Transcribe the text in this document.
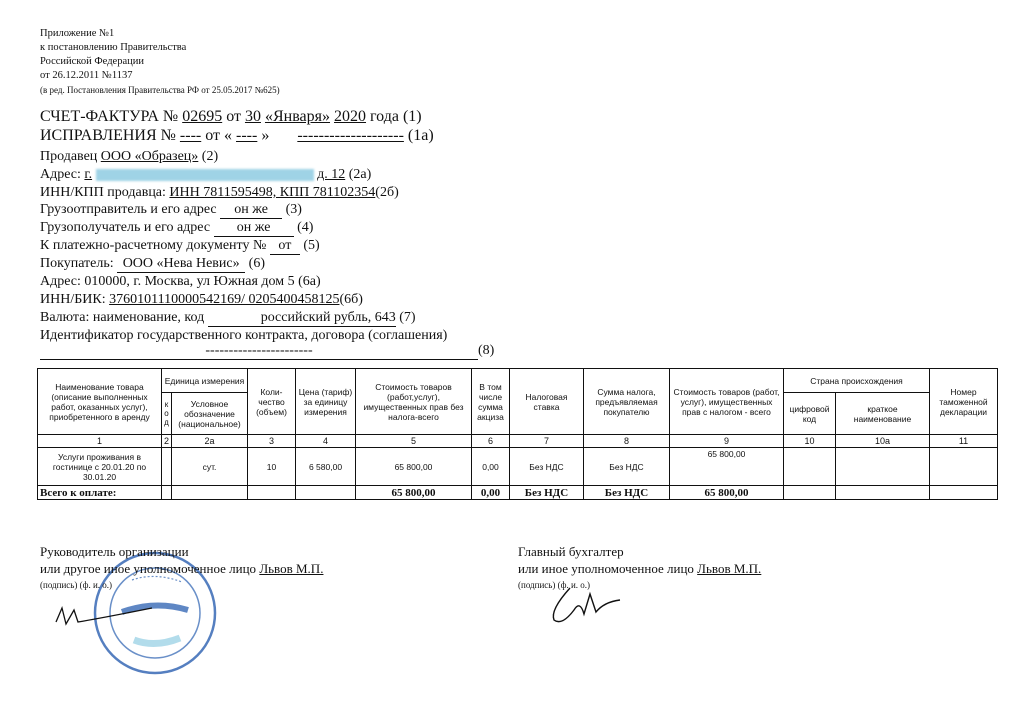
Приложение №1
к постановлению Правительства
Российской Федерации
от 26.12.2011 №1137
(в ред. Постановления Правительства РФ от 25.05.2017 №625)
СЧЕТ-ФАКТУРА № 02695 от 30 «Января» 2020 года (1)
ИСПРАВЛЕНИЯ № ---- от « ---- » -------------------- (1а)
Продавец ООО «Образец» (2)
Адрес: г.	д. 12 (2а)
ИНН/КПП продавца: ИНН 7811595498, КПП 781102354(2б)
Грузоотправитель и его адрес он же (3)
Грузополучатель и его адрес он же (4)
К платежно-расчетному документу № от (5)
Покупатель: ООО «Нева Невис» (6)
Адрес: 010000, г. Москва, ул Южная дом 5 (6а)
ИНН/БИК: 3760101110000542169/ 0205400458125(6б)
Валюта: наименование, код	российский рубль, 643 (7)
Идентификатор государственного контракта, договора (соглашения)
-----------------------	(8)
Наименование товара (описание выполненных работ, оказанных услуг), приобретенного в аренду	Единица измерения		Коли-чество (объем)	Цена (тариф) за единицу измерения	Стоимость товаров (работ,услуг), имущественных прав без налога-всего	В том числе сумма акциза	Налоговая ставка	Сумма налога, предъявляемая покупателю	Стоимость товаров (работ, услуг), имущественных прав с налогом - всего	Страна происхождения		Номер таможенной декларации
	к о д	Условное обозначение (национальное)								цифровой код	краткое наименование	
1	2	2а	3	4	5	6	7	8	9	10	10а	11
Услуги проживания в гостинице с 20.01.20 по 30.01.20		сут.	10	6 580,00	65 800,00	0,00	Без НДС	Без НДС	65 800,00			
Всего к оплате:					65 800,00	0,00	Без НДС	Без НДС	65 800,00			
Руководитель организации
или другое иное уполномоченное лицо Львов М.П.
(подпись) (ф. и. о.)
Главный бухгалтер
или иное уполномоченное лицо Львов М.П.
(подпись) (ф. и. о.)
